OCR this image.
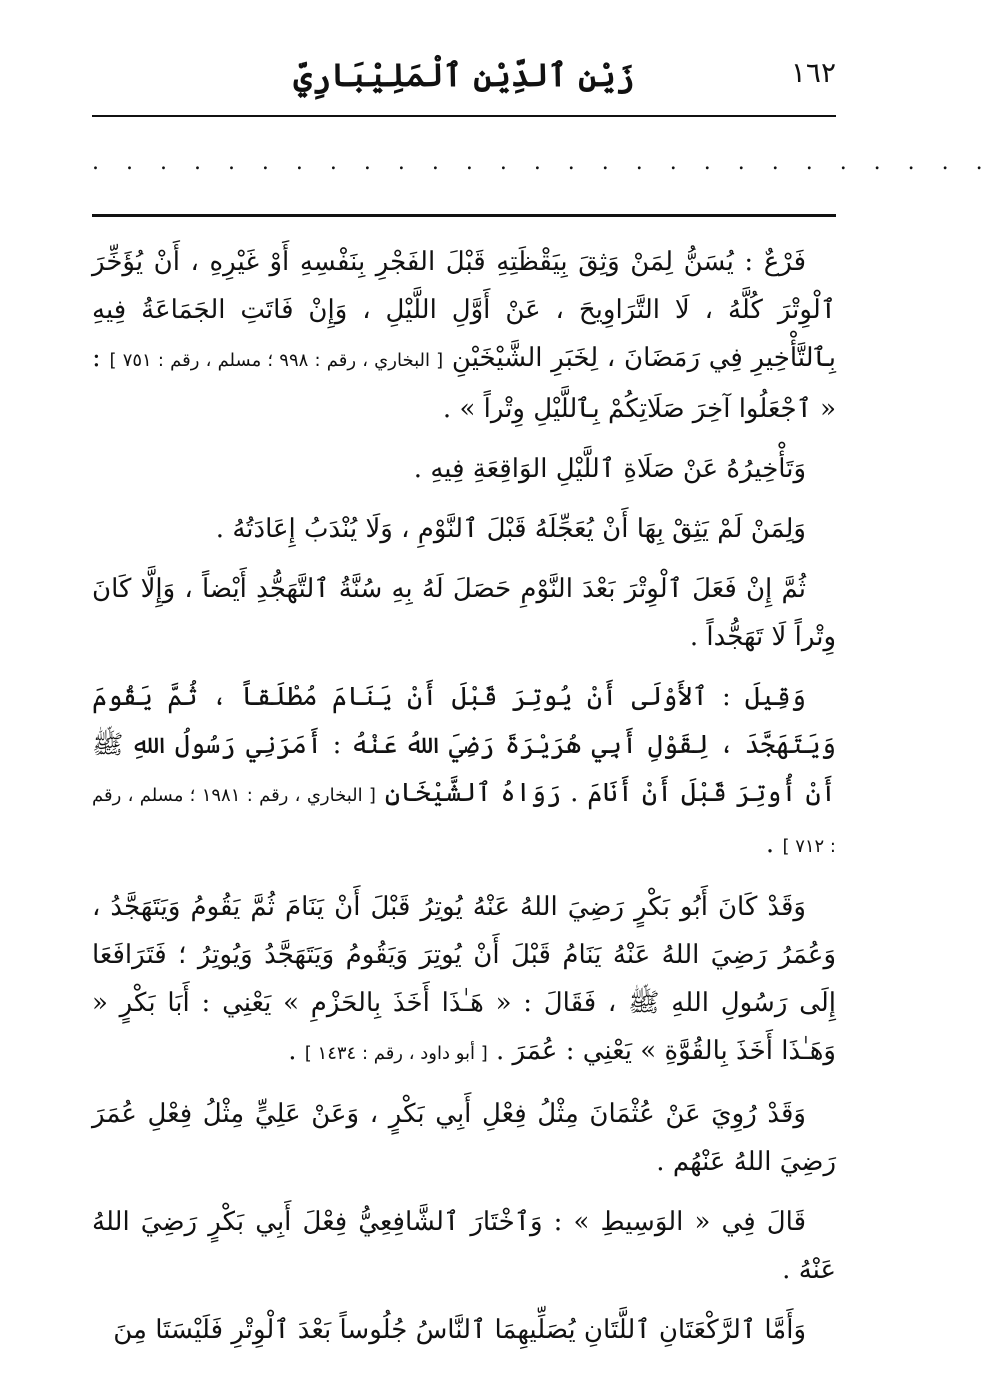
١٦٢
زَيْن ٱلدِّيْن ٱلْمَلِيْبَارِيّ
. . . . . . . . . . . . . . . . . . . . . . . . . . .

فَرْعٌ : يُسَنُّ لِمَنْ وَثِقَ بِيَقْظَتِهِ قَبْلَ الفَجْرِ بِنَفْسِهِ أَوْ غَيْرِهِ ، أَنْ يُؤَخِّرَ ٱلْوِتْرَ كُلَّهُ ، لَا التَّرَاوِيحَ ، عَنْ أَوَّلِ اللَّيْلِ ، وَإِنْ فَاتَتِ الجَمَاعَةُ فِيهِ بِٱلتَّأْخِيرِ فِي رَمَضَانَ ، لِخَبَرِ الشَّيْخَيْنِ [ البخاري ، رقم : ٩٩٨ ؛ مسلم ، رقم : ٧٥١ ] : « ٱجْعَلُوا آخِرَ صَلَاتِكُمْ بِٱللَّيْلِ وِتْراً » .

وَتَأْخِيرُهُ عَنْ صَلَاةِ ٱللَّيْلِ الوَاقِعَةِ فِيهِ .

وَلِمَنْ لَمْ يَثِقْ بِهَا أَنْ يُعَجِّلَهُ قَبْلَ ٱلنَّوْمِ ، وَلَا يُنْدَبُ إِعَادَتُهُ .

ثُمَّ إِنْ فَعَلَ ٱلْوِتْرَ بَعْدَ النَّوْمِ حَصَلَ لَهُ بِهِ سُنَّةُ ٱلتَّهَجُّدِ أَيْضاً ، وَإِلَّا كَانَ وِتْراً لَا تَهَجُّداً .

وَقِيلَ : ٱلأَوْلَى أَنْ يُوتِرَ قَبْلَ أَنْ يَنَامَ مُطْلَقاً ، ثُمَّ يَقُومَ وَيَتَهَجَّدَ ، لِقَوْلِ أَبِي هُرَيْرَةَ رَضِيَ اللهُ عَنْهُ : أَمَرَنِي رَسُولُ اللهِ ﷺ أَنْ أُوتِرَ قَبْلَ أَنْ أَنَامَ . رَوَاهُ ٱلشَّيْخَانِ [ البخاري ، رقم : ١٩٨١ ؛ مسلم ، رقم : ٧١٢ ] .

وَقَدْ كَانَ أَبُو بَكْرٍ رَضِيَ اللهُ عَنْهُ يُوتِرُ قَبْلَ أَنْ يَنَامَ ثُمَّ يَقُومُ وَيَتَهَجَّدُ ، وَعُمَرُ رَضِيَ اللهُ عَنْهُ يَنَامُ قَبْلَ أَنْ يُوتِرَ وَيَقُومُ وَيَتَهَجَّدُ وَيُوتِرُ ؛ فَتَرَافَعَا إِلَى رَسُولِ اللهِ ﷺ ، فَقَالَ : « هَـٰذَا أَخَذَ بِالحَزْمِ » يَعْنِي : أَبَا بَكْرٍ « وَهَـٰذَا أَخَذَ بِالقُوَّةِ » يَعْنِي : عُمَرَ . [ أبو داود ، رقم : ١٤٣٤ ] .

وَقَدْ رُوِيَ عَنْ عُثْمَانَ مِثْلُ فِعْلِ أَبِي بَكْرٍ ، وَعَنْ عَلِيٍّ مِثْلُ فِعْلِ عُمَرَ رَضِيَ اللهُ عَنْهُم .

قَالَ فِي « الوَسِيطِ » : وَٱخْتَارَ ٱلشَّافِعِيُّ فِعْلَ أَبِي بَكْرٍ رَضِيَ اللهُ عَنْهُ .

وَأَمَّا ٱلرَّكْعَتَانِ ٱللَّتَانِ يُصَلِّيهِمَا ٱلنَّاسُ جُلُوساً بَعْدَ ٱلْوِتْرِ فَلَيْسَتَا مِنَ
